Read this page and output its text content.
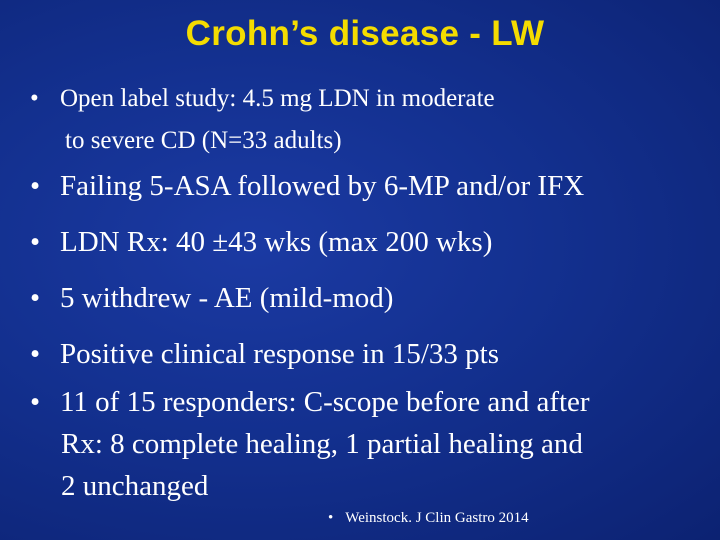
Crohn’s disease - LW
• Open label study: 4.5 mg LDN in moderate
to severe CD (N=33 adults)
• Failing 5-ASA followed by 6-MP and/or IFX
• LDN Rx: 40 ±43 wks (max 200 wks)
• 5 withdrew - AE (mild-mod)
• Positive clinical response in 15/33 pts
• 11 of 15 responders: C-scope before and after
Rx: 8 complete healing, 1 partial healing and
2 unchanged
• Weinstock. J Clin Gastro 2014
